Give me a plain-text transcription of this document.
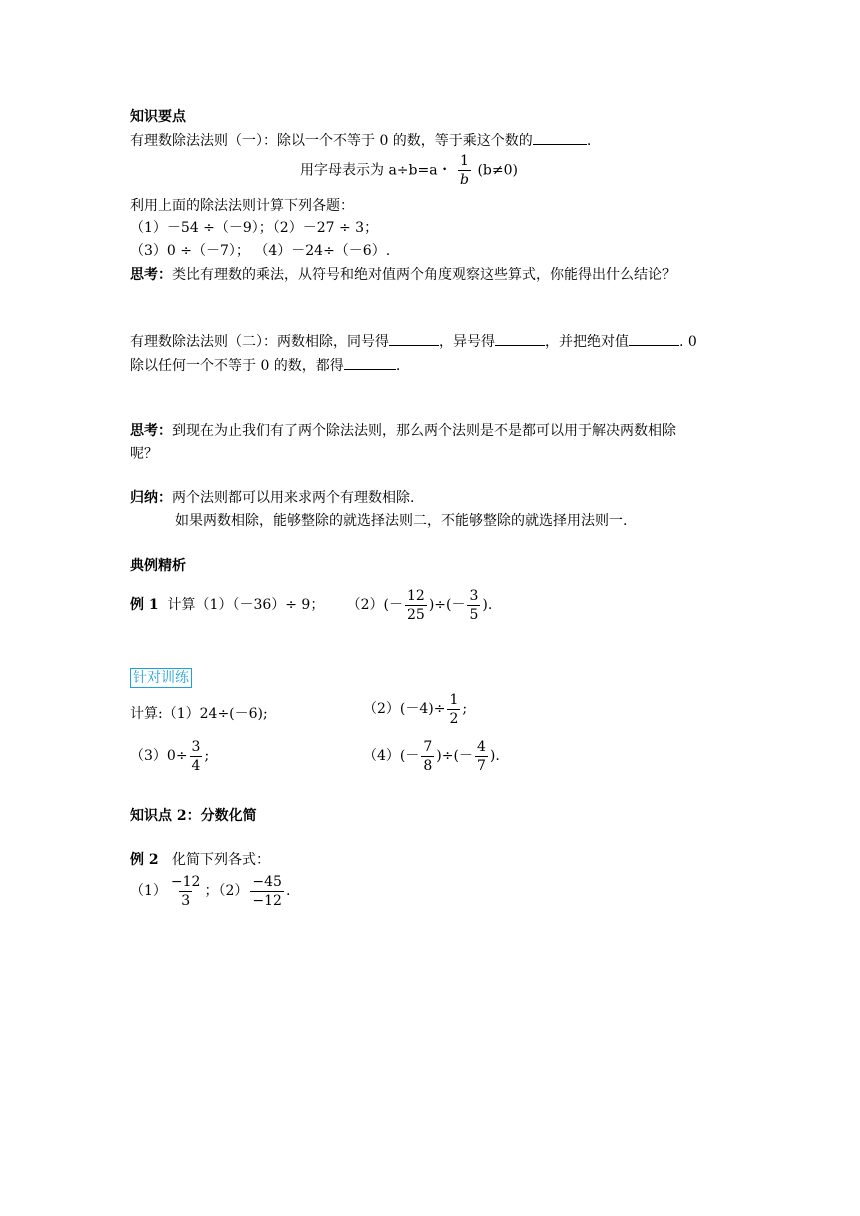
知识要点
有理数除法法则（一）：除以一个不等于 0 的数，等于乘这个数的	.
用字母表示为 a÷b=a・ $\frac{1}{b} (b\ne 0)$
利用上面的除法法则计算下列各题：
（1）－54 ÷（－9）；（2）－27 ÷ 3；
（3）0 ÷（－7）； （4）－24÷（－6）.
思考：类比有理数的乘法，从符号和绝对值两个角度观察这些算式，你能得出什么结论？
有理数除法法则（二）：两数相除，同号得	，异号得	，并把绝对值	. 0
除以任何一个不等于 0 的数，都得	.
思考：到现在为止我们有了两个除法法则，那么两个法则是不是都可以用于解决两数相除
呢？
归纳：两个法则都可以用来求两个有理数相除.
如果两数相除，能够整除的就选择法则二，不能够整除的就选择用法则一.
典例精析
例 1 计算（1）（－36）÷ 9； $(2)(- \frac{12}{25}$ )÷(－ $\frac{3}{5}$ ).
针对训练
计算:（1）24÷(－6);	$(2)(-4)\div \frac{1}{2}$ ;
$(3)0\div \frac{3}{4}$ ;	$(4)(- \frac{7}{8}$ )÷(－ $\frac{4}{7}$ ).
知识点 2：分数化简
例 2 化简下列各式：
$(1) \frac{-12}{3}$ ；$(2) \frac{-45}{-12}$ .
